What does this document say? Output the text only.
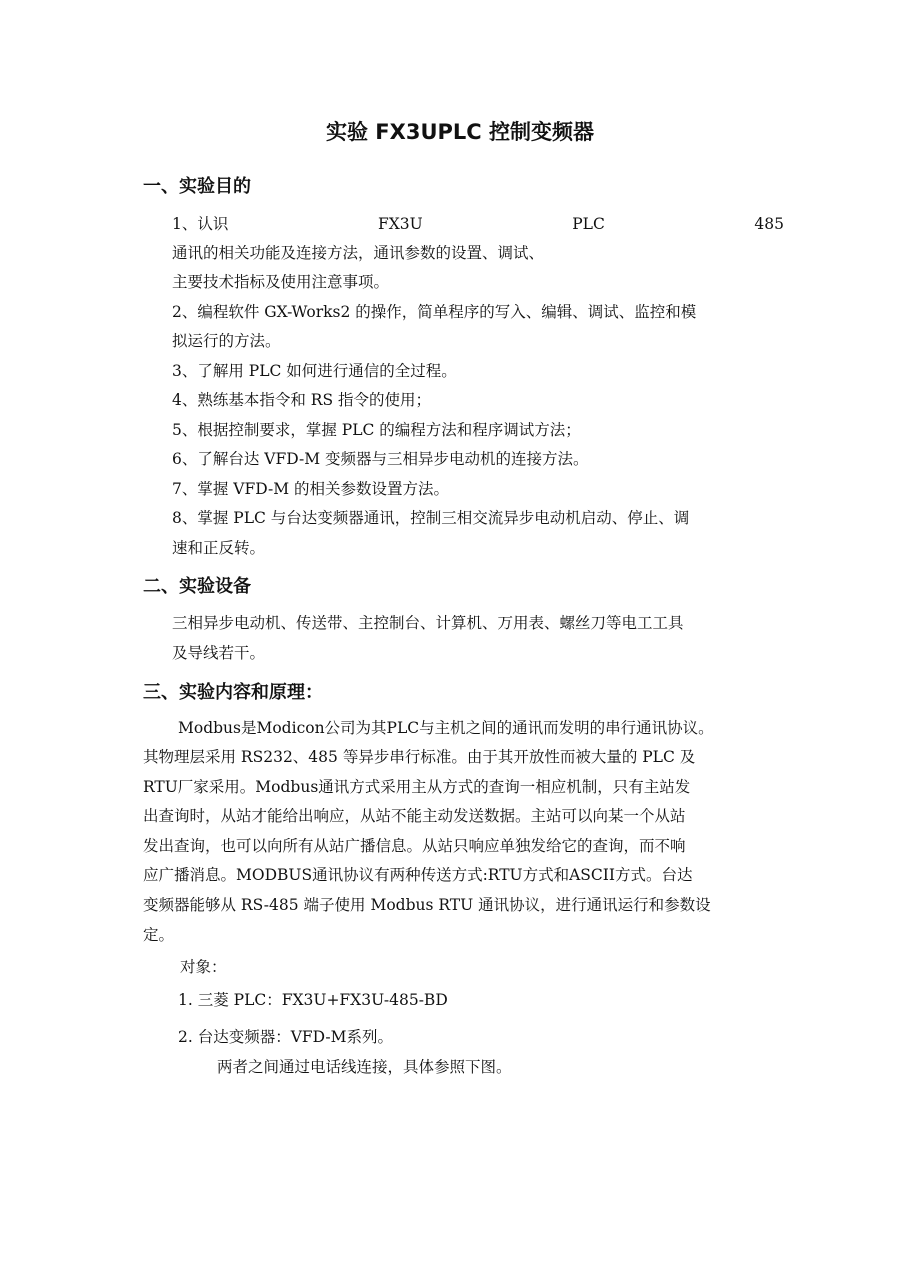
实验 FX3UPLC 控制变频器
一、实验目的
1、认识	FX3U	PLC	485
通讯的相关功能及连接方法，通讯参数的设置、调试、
主要技术指标及使用注意事项。
2、编程软件 GX-Works2 的操作，简单程序的写入、编辑、调试、监控和模
拟运行的方法。
3、了解用 PLC 如何进行通信的全过程。
4、熟练基本指令和 RS 指令的使用；
5、根据控制要求，掌握 PLC 的编程方法和程序调试方法；
6、了解台达 VFD-M 变频器与三相异步电动机的连接方法。
7、掌握 VFD-M 的相关参数设置方法。
8、掌握 PLC 与台达变频器通讯，控制三相交流异步电动机启动、停止、调
速和正反转。
二、实验设备
三相异步电动机、传送带、主控制台、计算机、万用表、螺丝刀等电工工具
及导线若干。
三、实验内容和原理：
Modbus是Modicon公司为其PLC与主机之间的通讯而发明的串行通讯协议。
其物理层采用 RS232、485 等异步串行标准。由于其开放性而被大量的 PLC 及
RTU厂家采用。Modbus通讯方式采用主从方式的查询一相应机制，只有主站发
出查询时，从站才能给出响应，从站不能主动发送数据。主站可以向某一个从站
发出查询，也可以向所有从站广播信息。从站只响应单独发给它的查询，而不响
应广播消息。MODBUS通讯协议有两种传送方式:RTU方式和ASCII方式。台达
变频器能够从 RS-485 端子使用 Modbus RTU 通讯协议，进行通讯运行和参数设
定。
对象：
1. 三菱 PLC：FX3U+FX3U-485-BD
2. 台达变频器：VFD-M系列。
两者之间通过电话线连接，具体参照下图。
